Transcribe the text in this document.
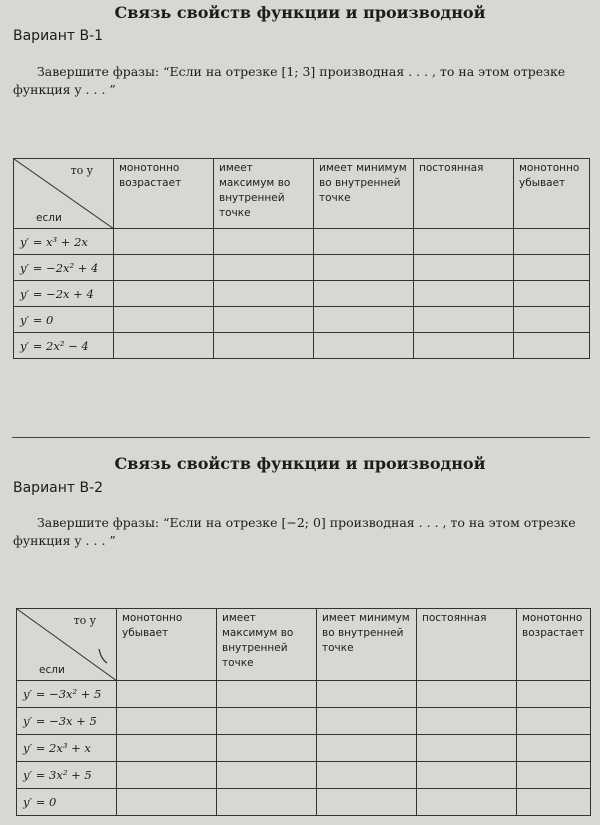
Связь свойств функции и производной
Вариант В-1
Завершите фразы: “Если на отрезке [1; 3] производная . . . , то на этом отрезке функция y . . . ”
то y
если	монотонно возрастает	имеет максимум во внутренней точке	имеет минимум во внутренней точке	постоянная	монотонно убывает
y′ = x³ + 2x					
y′ = −2x² + 4					
y′ = −2x + 4					
y′ = 0					
y′ = 2x² − 4					
Связь свойств функции и производной
Вариант В-2
Завершите фразы: “Если на отрезке [−2; 0] производная . . . , то на этом отрезке функция y . . . ”
то y
если	монотонно убывает	имеет максимум во внутренней точке	имеет минимум во внутренней точке	постоянная	монотонно возрастает
y′ = −3x² + 5					
y′ = −3x + 5					
y′ = 2x³ + x					
y′ = 3x² + 5					
y′ = 0					
